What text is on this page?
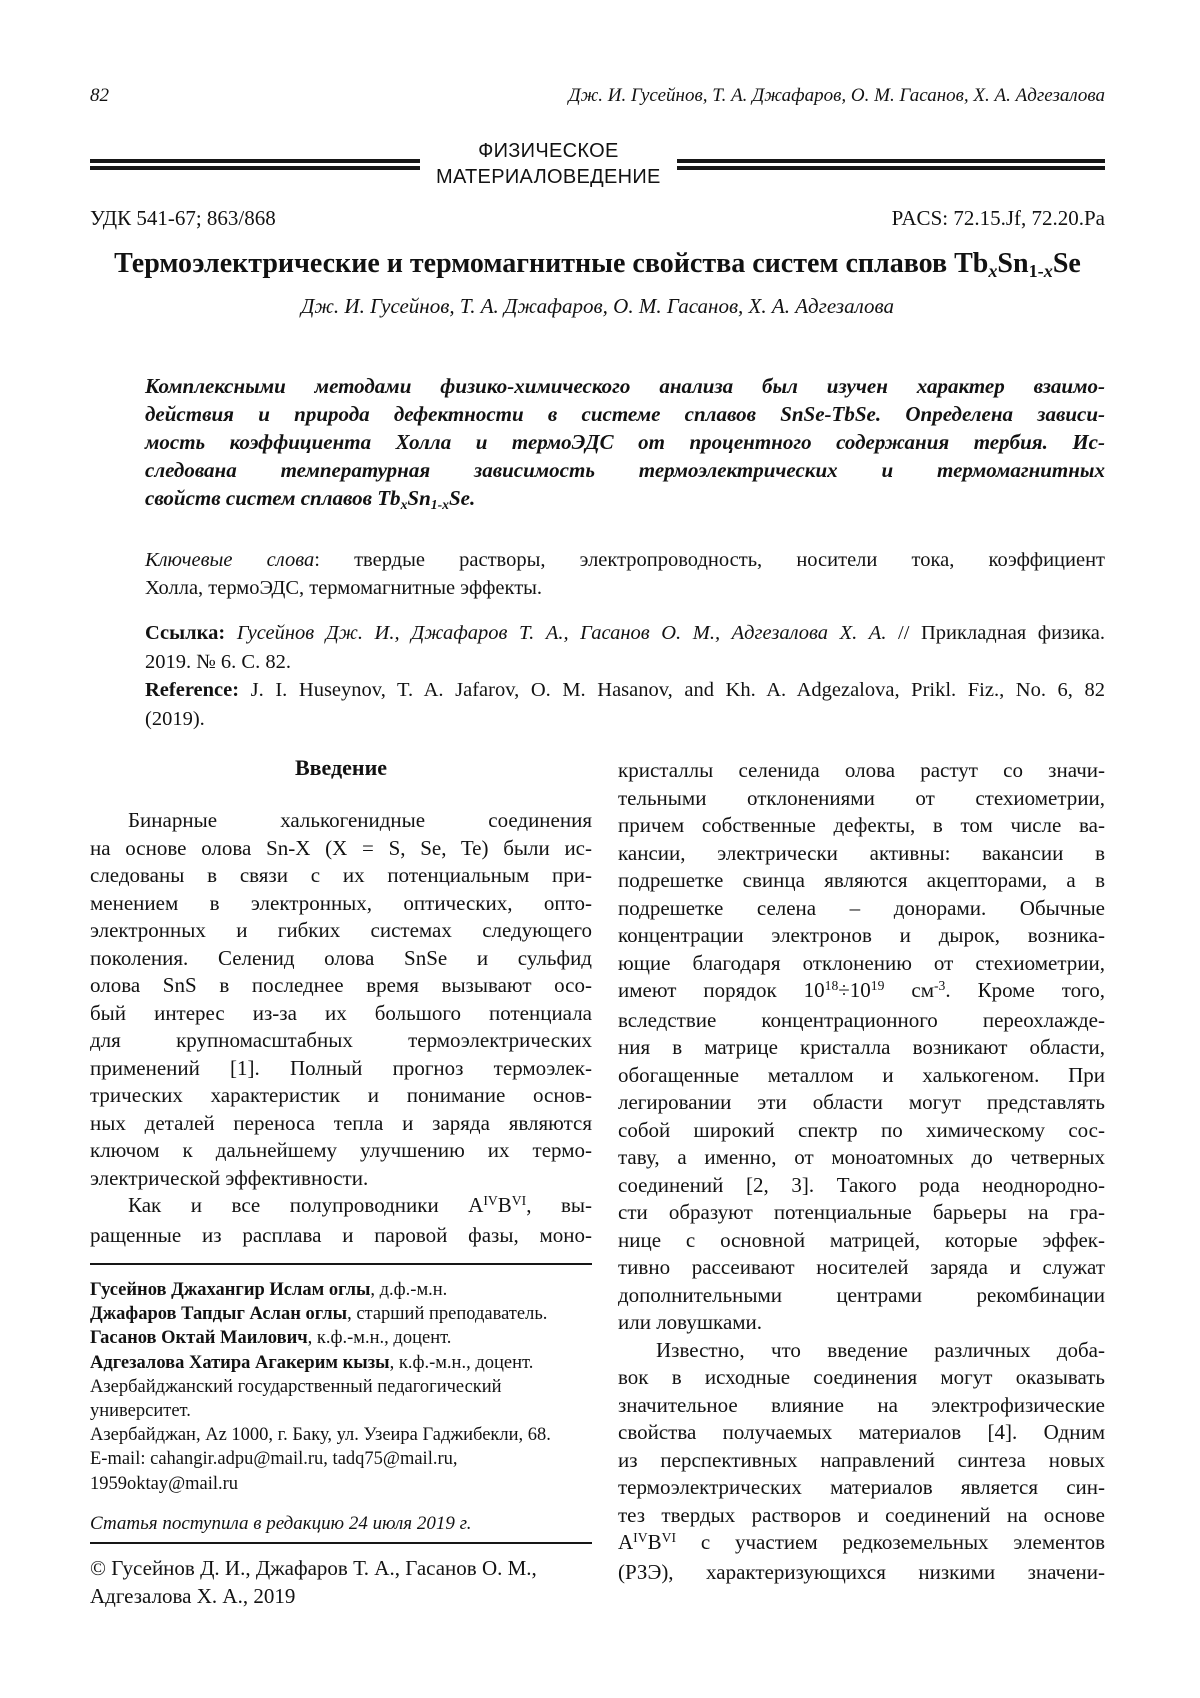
82	Дж. И. Гусейнов, Т. А. Джафаров, О. М. Гасанов, Х. А. Адгезалова
ФИЗИЧЕСКОЕ
МАТЕРИАЛОВЕДЕНИЕ
УДК 541-67; 863/868	PACS: 72.15.Jf, 72.20.Pa
Термоэлектрические и термомагнитные свойства систем сплавов TbxSn1-xSe
Дж. И. Гусейнов, Т. А. Джафаров, О. М. Гасанов, Х. А. Адгезалова
Комплексными методами физико-химического анализа был изучен характер взаимо-
действия и природа дефектности в системе сплавов SnSe-TbSe. Определена зависи-
мость коэффициента Холла и термоЭДС от процентного содержания тербия. Ис-
следована температурная зависимость термоэлектрических и термомагнитных
свойств систем сплавов TbxSn1-xSe.
Ключевые слова: твердые растворы, электропроводность, носители тока, коэффициент
Холла, термоЭДС, термомагнитные эффекты.
Ссылка: Гусейнов Дж. И., Джафаров Т. А., Гасанов О. М., Адгезалова Х. А. // Прикладная физика.
2019. № 6. С. 82.
Reference: J. I. Huseynov, T. A. Jafarov, O. M. Hasanov, and Kh. A. Adgezalova, Prikl. Fiz., No. 6, 82
(2019).
Введение
Бинарные халькогенидные соединения
на основе олова Sn-X (X = S, Se, Te) были ис-
следованы в связи с их потенциальным при-
менением в электронных, оптических, опто-
электронных и гибких системах следующего
поколения. Селенид олова SnSe и сульфид
олова SnS в последнее время вызывают осо-
бый интерес из-за их большого потенциала
для крупномасштабных термоэлектрических
применений [1]. Полный прогноз термоэлек-
трических характеристик и понимание основ-
ных деталей переноса тепла и заряда являются
ключом к дальнейшему улучшению их термо-
электрической эффективности.
Как и все полупроводники $A^{IV}B^{VI}$, вы-
ращенные из расплава и паровой фазы, моно-
Гусейнов Джахангир Ислам оглы, д.ф.-м.н.
Джафаров Тапдыг Аслан оглы, старший преподаватель.
Гасанов Октай Маилович, к.ф.-м.н., доцент.
Адгезалова Хатира Агакерим кызы, к.ф.-м.н., доцент.
Азербайджанский государственный педагогический
университет.
Азербайджан, Az 1000, г. Баку, ул. Узеира Гаджибекли, 68.
E-mail: cahangir.adpu@mail.ru, tadq75@mail.ru,
1959oktay@mail.ru
Статья поступила в редакцию 24 июля 2019 г.
© Гусейнов Д. И., Джафаров Т. А., Гасанов О. М.,
Адгезалова Х. А., 2019
кристаллы селенида олова растут со значи-
тельными отклонениями от стехиометрии,
причем собственные дефекты, в том числе ва-
кансии, электрически активны: вакансии в
подрешетке свинца являются акцепторами, а в
подрешетке селена – донорами. Обычные
концентрации электронов и дырок, возника-
ющие благодаря отклонению от стехиометрии,
имеют порядок $10^{18}\div 10^{19}$ $см^{-3}$. Кроме того,
вследствие концентрационного переохлажде-
ния в матрице кристалла возникают области,
обогащенные металлом и халькогеном. При
легировании эти области могут представлять
собой широкий спектр по химическому сос-
таву, а именно, от моноатомных до четверных
соединений [2, 3]. Такого рода неоднородно-
сти образуют потенциальные барьеры на гра-
нице с основной матрицей, которые эффек-
тивно рассеивают носителей заряда и служат
дополнительными центрами рекомбинации
или ловушками.
Известно, что введение различных доба-
вок в исходные соединения могут оказывать
значительное влияние на электрофизические
свойства получаемых материалов [4]. Одним
из перспективных направлений синтеза новых
термоэлектрических материалов является син-
тез твердых растворов и соединений на основе
$A^{IV}B^{VI}$ с участием редкоземельных элементов
(РЗЭ), характеризующихся низкими значени-
